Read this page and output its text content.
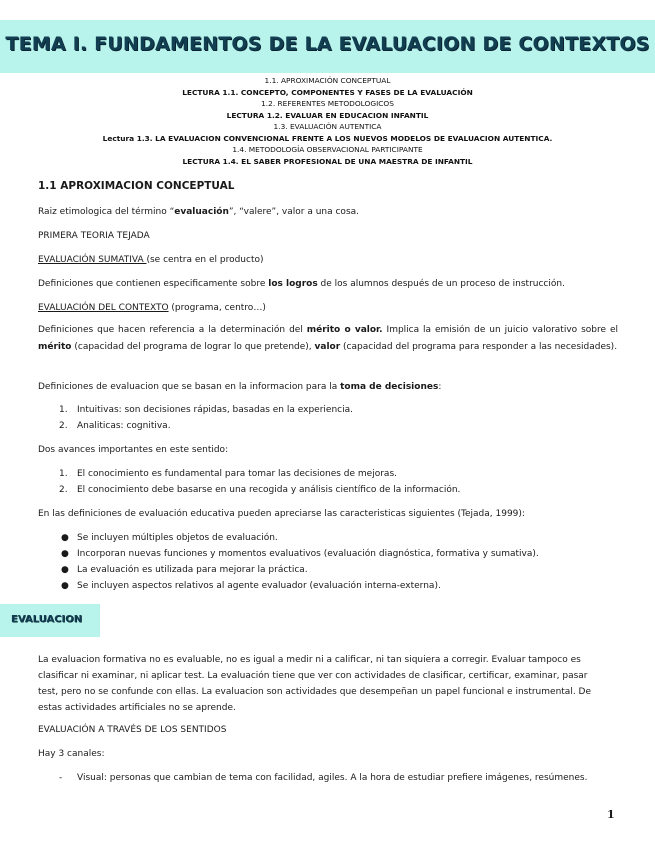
TEMA I. FUNDAMENTOS DE LA EVALUACION DE CONTEXTOS
1.1. APROXIMACIÓN CONCEPTUAL
LECTURA 1.1. CONCEPTO, COMPONENTES Y FASES DE LA EVALUACIÓN
1.2. REFERENTES METODOLOGICOS
LECTURA 1.2. EVALUAR EN EDUCACION INFANTIL
1.3. EVALUACIÓN AUTENTICA
Lectura 1.3. LA EVALUACION CONVENCIONAL FRENTE A LOS NUEVOS MODELOS DE EVALUACION AUTENTICA.
1.4. METODOLOGÍA OBSERVACIONAL PARTICIPANTE
LECTURA 1.4. EL SABER PROFESIONAL DE UNA MAESTRA DE INFANTIL
1.1 APROXIMACION CONCEPTUAL
Raiz etimologica del término “evaluación”, “valere”, valor a una cosa.
PRIMERA TEORIA TEJADA
EVALUACIÓN SUMATIVA (se centra en el producto)
Definiciones que contienen especificamente sobre los logros de los alumnos después de un proceso de instrucción.
EVALUACIÓN DEL CONTEXTO (programa, centro…)
Definiciones que hacen referencia a la determinación del mérito o valor. Implica la emisión de un juicio valorativo sobre el mérito (capacidad del programa de lograr lo que pretende), valor (capacidad del programa para responder a las necesidades).
Definiciones de evaluacion que se basan en la informacion para la toma de decisiones:
1. Intuitivas: son decisiones rápidas, basadas en la experiencia.
2. Analiticas: cognitiva.
Dos avances importantes en este sentido:
1. El conocimiento es fundamental para tomar las decisiones de mejoras.
2. El conocimiento debe basarse en una recogida y análisis científico de la información.
En las definiciones de evaluación educativa pueden apreciarse las caracteristicas siguientes (Tejada, 1999):
● Se incluyen múltiples objetos de evaluación.
● Incorporan nuevas funciones y momentos evaluativos (evaluación diagnóstica, formativa y sumativa).
● La evaluación es utilizada para mejorar la práctica.
● Se incluyen aspectos relativos al agente evaluador (evaluación interna-externa).
EVALUACION
La evaluacion formativa no es evaluable, no es igual a medir ni a calificar, ni tan siquiera a corregir. Evaluar tampoco es
clasificar ni examinar, ni aplicar test. La evaluación tiene que ver con actividades de clasificar, certificar, examinar, pasar
test, pero no se confunde con ellas. La evaluacion son actividades que desempeñan un papel funcional e instrumental. De
estas actividades artificiales no se aprende.
EVALUACIÓN A TRAVÉS DE LOS SENTIDOS
Hay 3 canales:
- Visual: personas que cambian de tema con facilidad, agiles. A la hora de estudiar prefiere imágenes, resúmenes.
1
